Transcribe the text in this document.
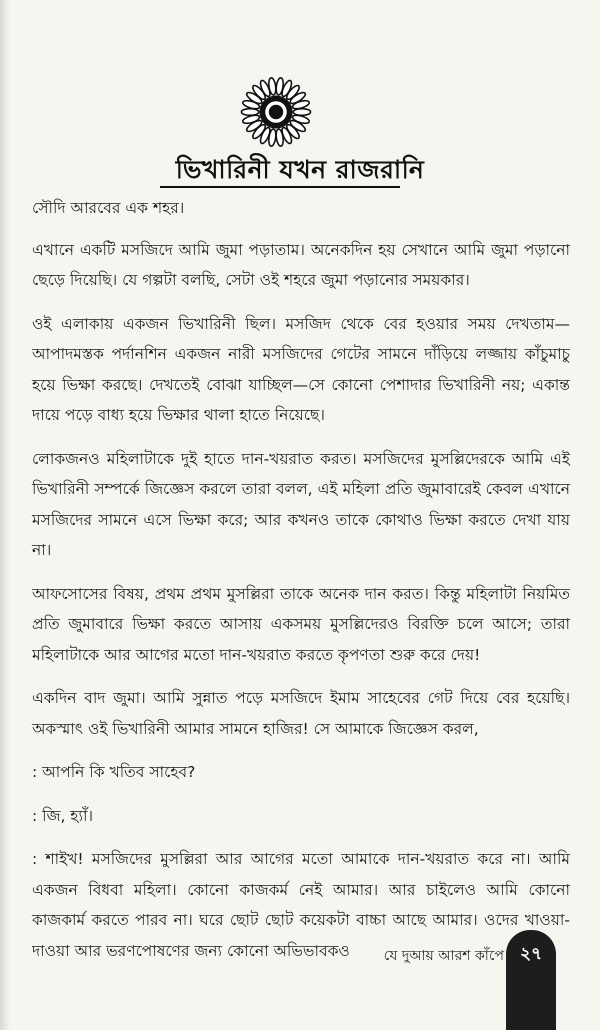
ভিখারিনী যখন রাজরানি

সৌদি আরবের এক শহর।

এখানে একটি মসজিদে আমি জুমা পড়াতাম। অনেকদিন হয় সেখানে আমি জুমা পড়ানো ছেড়ে দিয়েছি। যে গল্পটা বলছি, সেটা ওই শহরে জুমা পড়ানোর সময়কার।

ওই এলাকায় একজন ভিখারিনী ছিল। মসজিদ থেকে বের হওয়ার সময় দেখতাম—আপাদমস্তক পর্দানশিন একজন নারী মসজিদের গেটের সামনে দাঁড়িয়ে লজ্জায় কাঁচুমাচু হয়ে ভিক্ষা করছে। দেখতেই বোঝা যাচ্ছিল—সে কোনো পেশাদার ভিখারিনী নয়; একান্ত দায়ে পড়ে বাধ্য হয়ে ভিক্ষার থালা হাতে নিয়েছে।

লোকজনও মহিলাটাকে দুই হাতে দান-খয়রাত করত। মসজিদের মুসল্লিদেরকে আমি এই ভিখারিনী সম্পর্কে জিজ্ঞেস করলে তারা বলল, এই মহিলা প্রতি জুমাবারেই কেবল এখানে মসজিদের সামনে এসে ভিক্ষা করে; আর কখনও তাকে কোথাও ভিক্ষা করতে দেখা যায় না।

আফসোসের বিষয়, প্রথম প্রথম মুসল্লিরা তাকে অনেক দান করত। কিন্তু মহিলাটা নিয়মিত প্রতি জুমাবারে ভিক্ষা করতে আসায় একসময় মুসল্লিদেরও বিরক্তি চলে আসে; তারা মহিলাটাকে আর আগের মতো দান-খয়রাত করতে কৃপণতা শুরু করে দেয়!

একদিন বাদ জুমা। আমি সুন্নাত পড়ে মসজিদে ইমাম সাহেবের গেট দিয়ে বের হয়েছি। অকস্মাৎ ওই ভিখারিনী আমার সামনে হাজির! সে আমাকে জিজ্ঞেস করল,

: আপনি কি খতিব সাহেব?

: জি, হ্যাঁ।

: শাইখ! মসজিদের মুসল্লিরা আর আগের মতো আমাকে দান-খয়রাত করে না। আমি একজন বিধবা মহিলা। কোনো কাজকর্ম নেই আমার। আর চাইলেও আমি কোনো কাজকার্ম করতে পারব না। ঘরে ছোট ছোট কয়েকটা বাচ্চা আছে আমার। ওদের খাওয়া-দাওয়া আর ভরণপোষণের জন্য কোনো অভিভাবকও	যে দুআয় আরশ কাঁপে ২৭
